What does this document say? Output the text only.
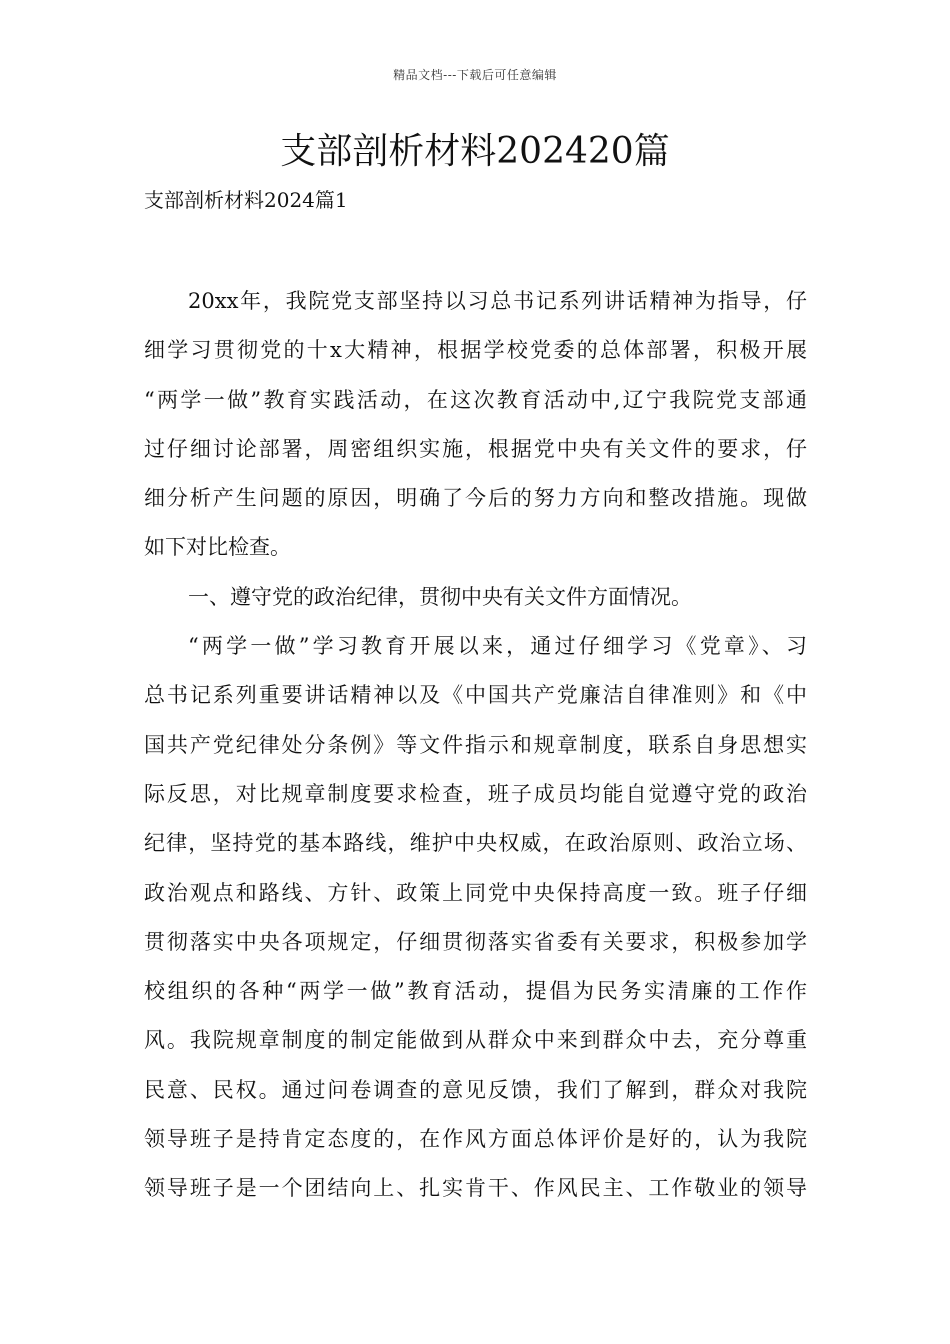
精品文档---下载后可任意编辑
支部剖析材料202420篇
支部剖析材料2024篇1
20xx年，我院党支部坚持以习总书记系列讲话精神为指导，仔
细学习贯彻党的十x大精神，根据学校党委的总体部署，积极开展
“两学一做”教育实践活动，在这次教育活动中,辽宁我院党支部通
过仔细讨论部署，周密组织实施，根据党中央有关文件的要求，仔
细分析产生问题的原因，明确了今后的努力方向和整改措施。现做
如下对比检查。
一、遵守党的政治纪律，贯彻中央有关文件方面情况。
“两学一做”学习教育开展以来，通过仔细学习《党章》、习
总书记系列重要讲话精神以及《中国共产党廉洁自律准则》和《中
国共产党纪律处分条例》等文件指示和规章制度，联系自身思想实
际反思，对比规章制度要求检查，班子成员均能自觉遵守党的政治
纪律，坚持党的基本路线，维护中央权威，在政治原则、政治立场、
政治观点和路线、方针、政策上同党中央保持高度一致。班子仔细
贯彻落实中央各项规定，仔细贯彻落实省委有关要求，积极参加学
校组织的各种“两学一做”教育活动，提倡为民务实清廉的工作作
风。我院规章制度的制定能做到从群众中来到群众中去，充分尊重
民意、民权。通过问卷调查的意见反馈，我们了解到，群众对我院
领导班子是持肯定态度的，在作风方面总体评价是好的，认为我院
领导班子是一个团结向上、扎实肯干、作风民主、工作敬业的领导
